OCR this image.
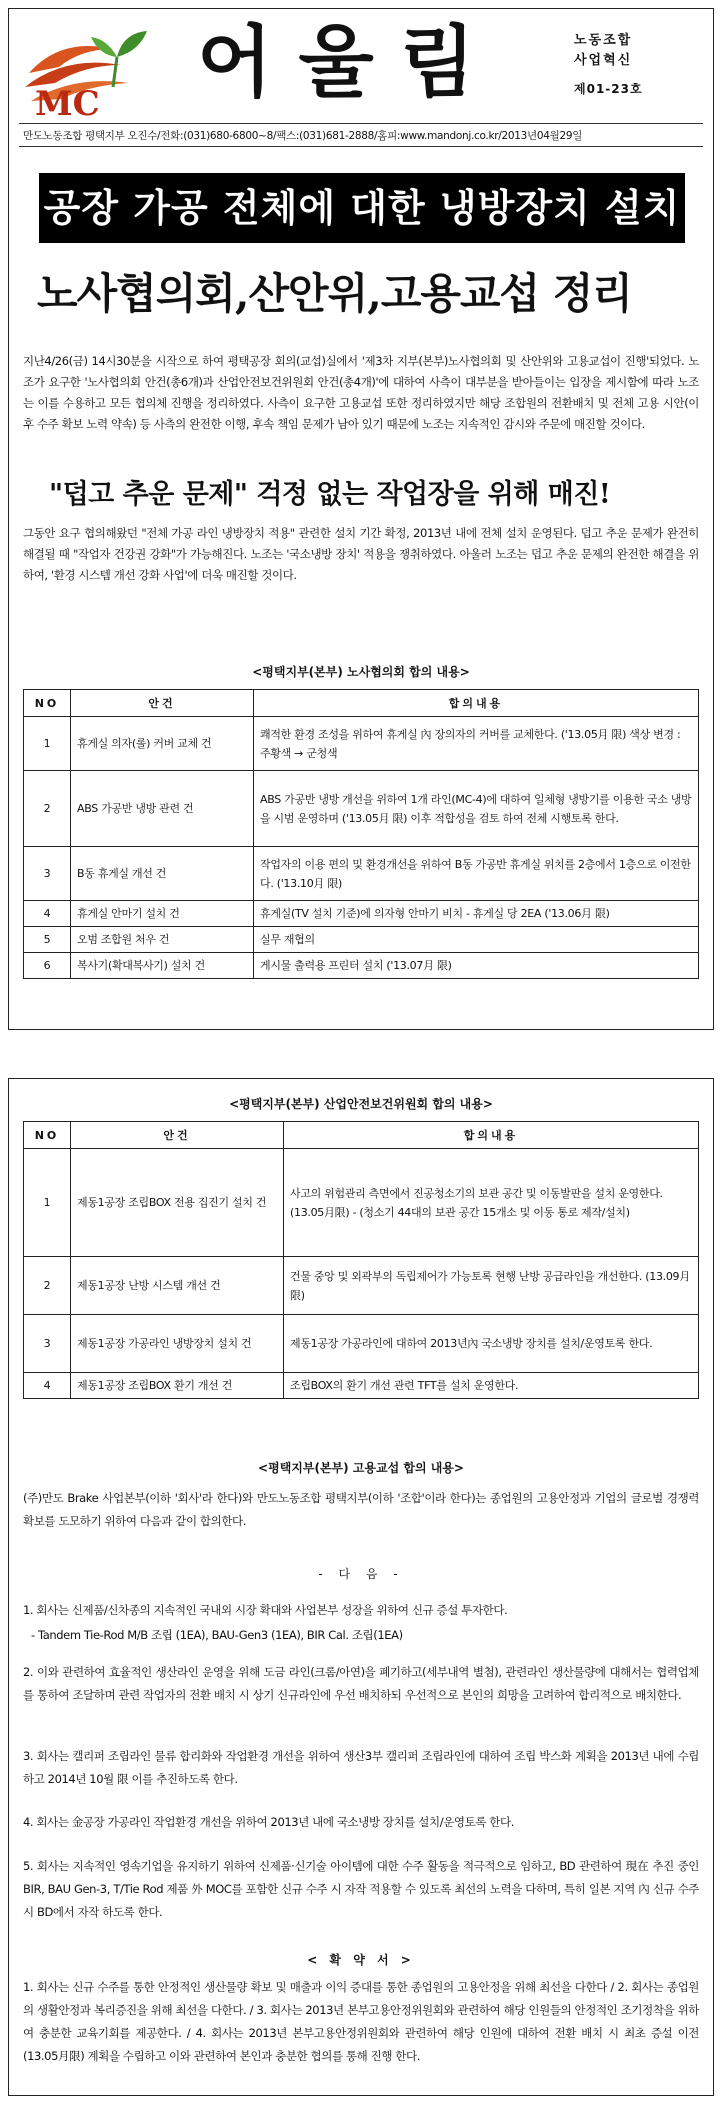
MC 어울림	노동조합
사업혁신
제01-23호
만도노동조합 평택지부 오진수/전화:(031)680-6800~8/팩스:(031)681-2888/홈피:www.mandonj.co.kr/2013년04월29일
공장 가공 전체에 대한 냉방장치 설치
노사협의회,산안위,고용교섭 정리
지난4/26(금) 14시30분을 시작으로 하여 평택공장 회의(교섭)실에서 '제3차 지부(본부)노사협의회 및 산안위와 고용교섭이 진행'되었다. 노조가 요구한 '노사협의회 안건(총6개)과 산업안전보건위원회 안건(총4개)'에 대하여 사측이 대부분을 받아들이는 입장을 제시함에 따라 노조는 이를 수용하고 모든 협의체 진행을 정리하였다. 사측이 요구한 고용교섭 또한 정리하였지만 해당 조합원의 전환배치 및 전체 고용 시안(이후 수주 확보 노력 약속) 등 사측의 완전한 이행, 후속 책임 문제가 남아 있기 때문에 노조는 지속적인 감시와 주문에 매진할 것이다.
"덥고 추운 문제" 걱정 없는 작업장을 위해 매진!
그동안 요구 협의해왔던 "전체 가공 라인 냉방장치 적용" 관련한 설치 기간 확정, 2013년 내에 전체 설치 운영된다. 덥고 추운 문제가 완전히 해결될 때 "작업자 건강권 강화"가 가능해진다. 노조는 '국소냉방 장치' 적용을 쟁취하였다. 아울러 노조는 덥고 추운 문제의 완전한 해결을 위하여, '환경 시스템 개선 강화 사업'에 더욱 매진할 것이다.
<평택지부(본부) 노사협의회 합의 내용>
NO	안건	합의내용
1	휴게실 의자(롤) 커버 교체 건	쾌적한 환경 조성을 위하여 휴게실 內 장의자의 커버를 교체한다. ('13.05月 限) 색상 변경 : 주황색 → 군청색
2	ABS 가공반 냉방 관련 건	ABS 가공반 냉방 개선을 위하여 1개 라인(MC-4)에 대하여 일체형 냉방기를 이용한 국소 냉방을 시범 운영하며 ('13.05月 限) 이후 적합성을 검토 하여 전체 시행토록 한다.
3	B동 휴게실 개선 건	작업자의 이용 편의 및 환경개선을 위하여 B동 가공반 휴게실 위치를 2층에서 1층으로 이전한다. ('13.10月 限)
4	휴게실 안마기 설치 건	휴게실(TV 설치 기준)에 의자형 안마기 비치 - 휴게실 당 2EA ('13.06月 限)
5	오범 조합원 처우 건	실무 재협의
6	복사기(확대복사기) 설치 건	게시물 출력용 프린터 설치 ('13.07月 限)
<평택지부(본부) 산업안전보건위원회 합의 내용>
NO	안건	합의내용
1	제동1공장 조립BOX 전용 집진기 설치 건	사고의 위험관리 측면에서 진공청소기의 보관 공간 및 이동발판을 설치 운영한다. (13.05月限) - (청소기 44대의 보관 공간 15개소 및 이동 통로 제작/설치)
2	제동1공장 난방 시스템 개선 건	건물 중앙 및 외곽부의 독립제어가 가능토록 현행 난방 공급라인을 개선한다. (13.09月限)
3	제동1공장 가공라인 냉방장치 설치 건	제동1공장 가공라인에 대하여 2013년內 국소냉방 장치를 설치/운영토록 한다.
4	제동1공장 조립BOX 환기 개선 건	조립BOX의 환기 개선 관련 TFT를 설치 운영한다.
<평택지부(본부) 고용교섭 합의 내용>
(주)만도 Brake 사업본부(이하 '회사'라 한다)와 만도노동조합 평택지부(이하 '조합'이라 한다)는 종업원의 고용안정과 기업의 글로벌 경쟁력 확보를 도모하기 위하여 다음과 같이 합의한다.
- 다 음 -
1. 회사는 신제품/신차종의 지속적인 국내외 시장 확대와 사업본부 성장을 위하여 신규 증설 투자한다.
- Tandem Tie-Rod M/B 조립 (1EA), BAU-Gen3 (1EA), BIR Cal. 조립(1EA)
2. 이와 관련하여 효율적인 생산라인 운영을 위해 도금 라인(크롬/아연)을 폐기하고(세부내역 별첨), 관련라인 생산물량에 대해서는 협력업체를 통하여 조달하며 관련 작업자의 전환 배치 시 상기 신규라인에 우선 배치하되 우선적으로 본인의 희망을 고려하여 합리적으로 배치한다.
3. 회사는 캘리퍼 조립라인 물류 합리화와 작업환경 개선을 위하여 생산3부 캘리퍼 조립라인에 대하여 조립 박스화 계획을 2013년 내에 수립하고 2014년 10월 限 이를 추진하도록 한다.
4. 회사는 金공장 가공라인 작업환경 개선을 위하여 2013년 내에 국소냉방 장치를 설치/운영토록 한다.
5. 회사는 지속적인 영속기업을 유지하기 위하여 신제품·신기술 아이템에 대한 수주 활동을 적극적으로 임하고, BD 관련하여 現在 추진 중인 BIR, BAU Gen-3, T/Tie Rod 제품 外 MOC를 포함한 신규 수주 시 자작 적용할 수 있도록 최선의 노력을 다하며, 특히 일본 지역 內 신규 수주 시 BD에서 자작 하도록 한다.
< 확 약 서 >
1. 회사는 신규 수주를 통한 안정적인 생산물량 확보 및 매출과 이익 증대를 통한 종업원의 고용안정을 위해 최선을 다한다 / 2. 회사는 종업원의 생활안정과 복리증진을 위해 최선을 다한다. / 3. 회사는 2013년 본부고용안정위원회와 관련하여 해당 인원들의 안정적인 조기정착을 위하여 충분한 교육기회를 제공한다. / 4. 회사는 2013년 본부고용안정위원회와 관련하여 해당 인원에 대하여 전환 배치 시 최초 증설 이전 (13.05月限) 계획을 수립하고 이와 관련하여 본인과 충분한 협의를 통해 진행 한다.
